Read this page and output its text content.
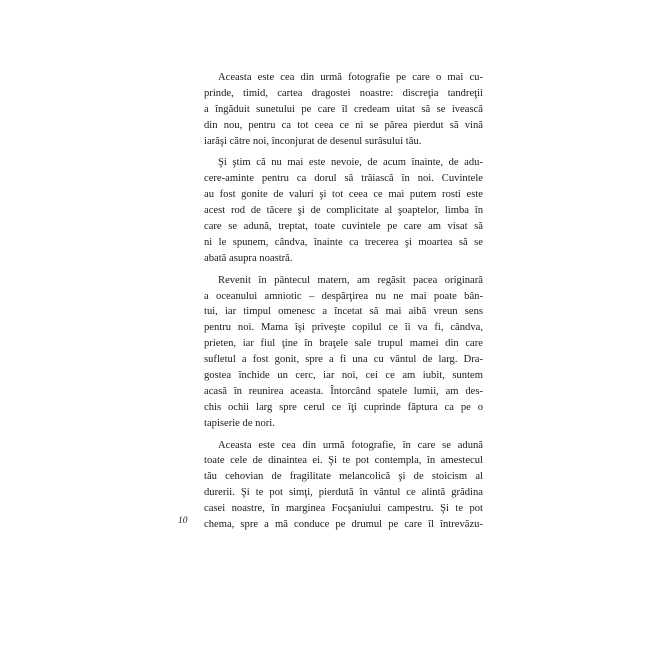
Aceasta este cea din urmă fotografie pe care o mai cu-
prinde, timid, cartea dragostei noastre: discreţia tandreţii
a îngăduit sunetului pe care îl credeam uitat să se ivească
din nou, pentru ca tot ceea ce ni se părea pierdut să vină
iarăşi către noi, înconjurat de desenul surâsului tău.
Şi ştim că nu mai este nevoie, de acum înainte, de adu-
cere-aminte pentru ca dorul să trăiască în noi. Cuvintele
au fost gonite de valuri şi tot ceea ce mai putem rosti este
acest rod de tăcere şi de complicitate al şoaptelor, limba în
care se adună, treptat, toate cuvintele pe care am visat să
ni le spunem, cândva, înainte ca trecerea şi moartea să se
abată asupra noastră.
Revenit în pântecul matern, am regăsit pacea originară
a oceanului amniotic – despărţirea nu ne mai poate bân-
tui, iar timpul omenesc a încetat să mai aibă vreun sens
pentru noi. Mama îşi priveşte copilul ce îi va fi, cândva,
prieten, iar fiul ţine în braţele sale trupul mamei din care
sufletul a fost gonit, spre a fi una cu vântul de larg. Dra-
gostea închide un cerc, iar noi, cei ce am iubit, suntem
acasă în reunirea aceasta. Întorcând spatele lumii, am des-
chis ochii larg spre cerul ce îţi cuprinde făptura ca pe o
tapiserie de nori.
Aceasta este cea din urmă fotografie, în care se adună
toate cele de dinaintea ei. Şi te pot contempla, în amestecul
tău cehovian de fragilitate melancolică şi de stoicism al
durerii. Şi te pot simţi, pierdută în vântul ce alintă grădina
casei noastre, în marginea Focşaniului campestru. Şi te pot
chema, spre a mă conduce pe drumul pe care îl întrevăzu-
10
